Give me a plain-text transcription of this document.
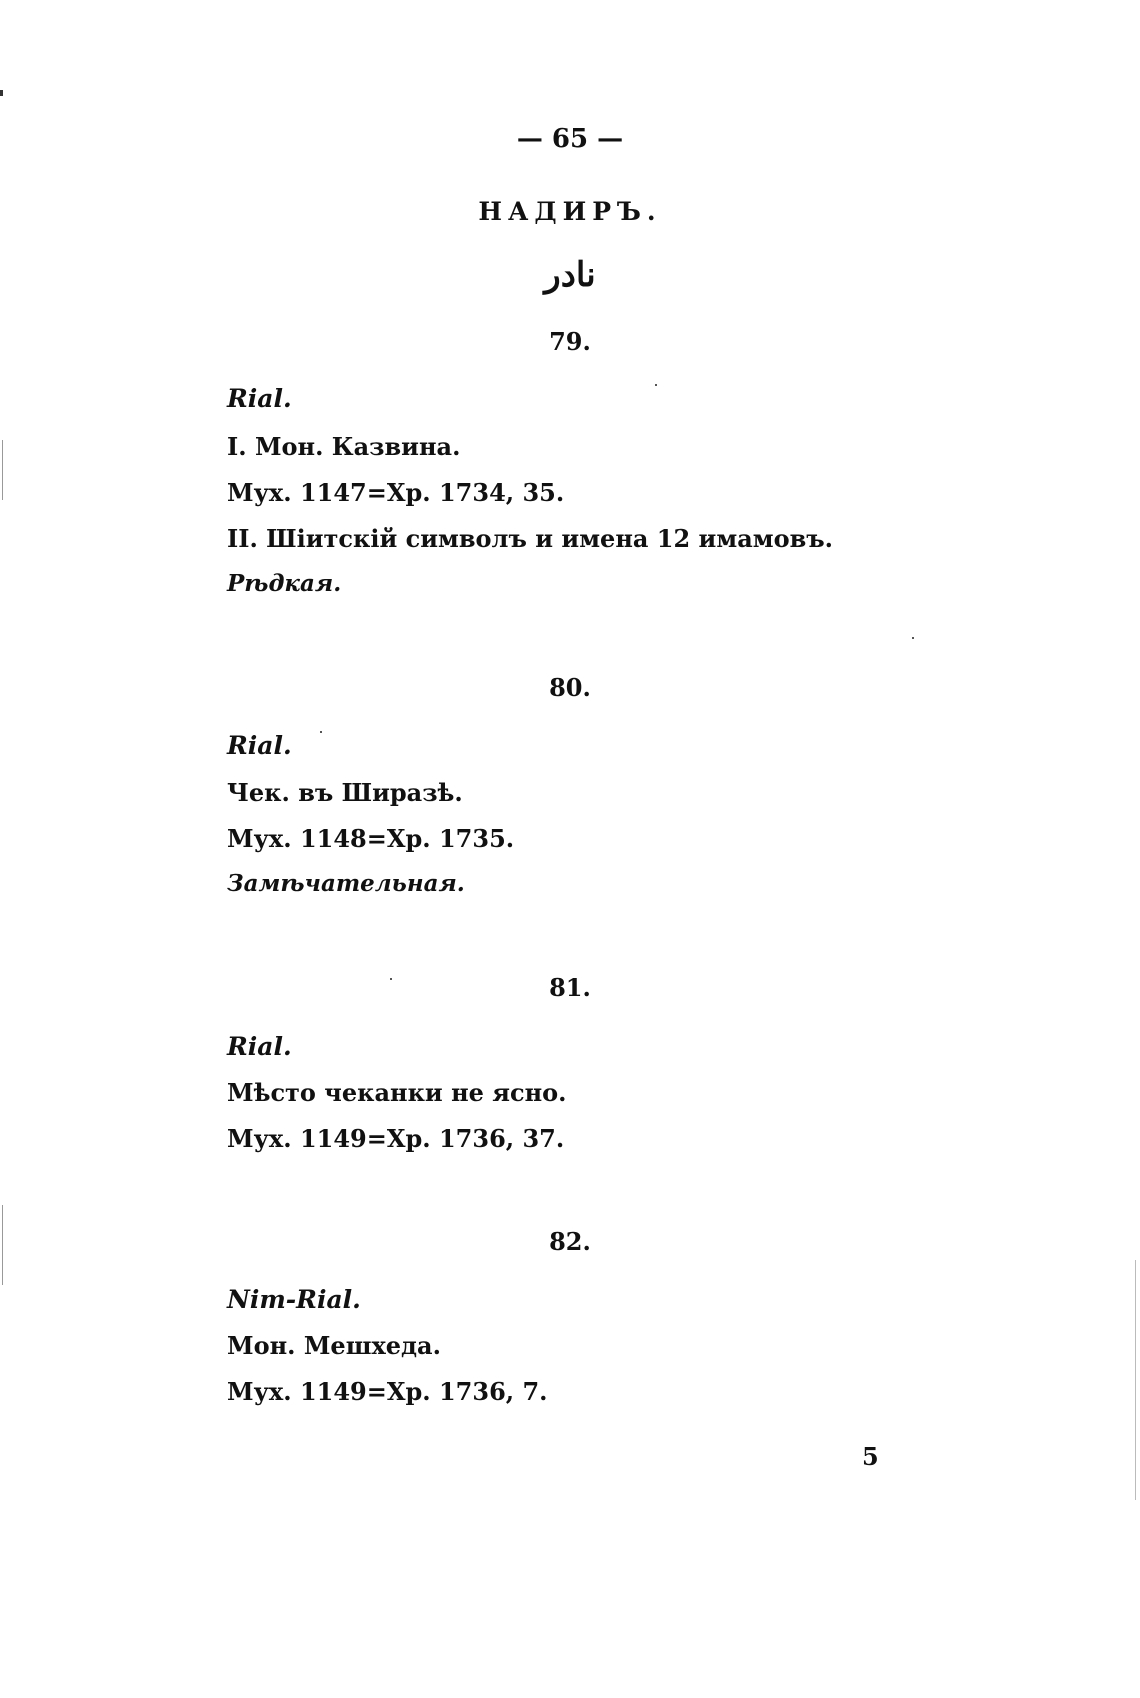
— 65 —
НАДИРЪ.
نادر
79.
Rial.
I. Мон. Казвина.
Мух. 1147=Хр. 1734, 35.
II. Шіитскій символъ и имена 12 имамовъ.
Рѣдкая.
80.
Rial.
Чек. въ Ширазѣ.
Мух. 1148=Хр. 1735.
Замѣчательная.
81.
Rial.
Мѣсто чеканки не ясно.
Мух. 1149=Хр. 1736, 37.
82.
Nim-Rial.
Мон. Мешхеда.
Мух. 1149=Хр. 1736, 7.
5
